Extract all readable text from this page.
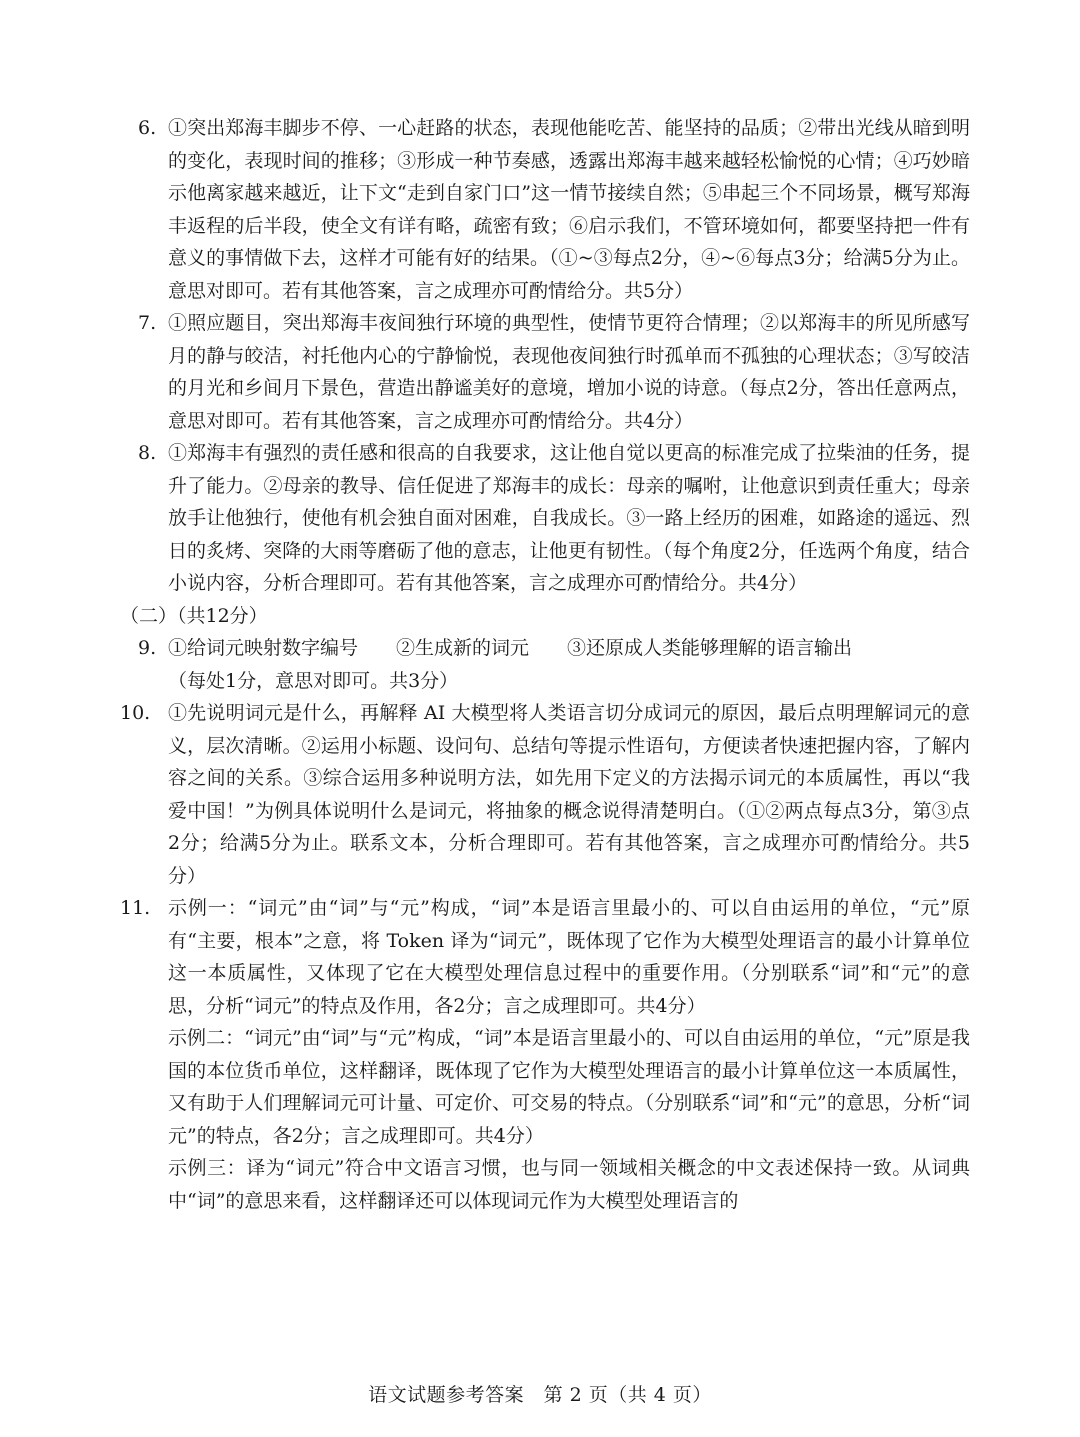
6. ①突出郑海丰脚步不停、一心赶路的状态，表现他能吃苦、能坚持的品质；②带出光线从暗到明的变化，表现时间的推移；③形成一种节奏感，透露出郑海丰越来越轻松愉悦的心情；④巧妙暗示他离家越来越近，让下文“走到自家门口”这一情节接续自然；⑤串起三个不同场景，概写郑海丰返程的后半段，使全文有详有略，疏密有致；⑥启示我们，不管环境如何，都要坚持把一件有意义的事情做下去，这样才可能有好的结果。（①~③每点2分，④~⑥每点3分；给满5分为止。意思对即可。若有其他答案，言之成理亦可酌情给分。共5分）

7. ①照应题目，突出郑海丰夜间独行环境的典型性，使情节更符合情理；②以郑海丰的所见所感写月的静与皎洁，衬托他内心的宁静愉悦，表现他夜间独行时孤单而不孤独的心理状态；③写皎洁的月光和乡间月下景色，营造出静谧美好的意境，增加小说的诗意。（每点2分，答出任意两点，意思对即可。若有其他答案，言之成理亦可酌情给分。共4分）

8. ①郑海丰有强烈的责任感和很高的自我要求，这让他自觉以更高的标准完成了拉柴油的任务，提升了能力。②母亲的教导、信任促进了郑海丰的成长：母亲的嘱咐，让他意识到责任重大；母亲放手让他独行，使他有机会独自面对困难，自我成长。③一路上经历的困难，如路途的遥远、烈日的炙烤、突降的大雨等磨砺了他的意志，让他更有韧性。（每个角度2分，任选两个角度，结合小说内容，分析合理即可。若有其他答案，言之成理亦可酌情给分。共4分）

（二）（共12分）

9. ①给词元映射数字编号　　②生成新的词元　　③还原成人类能够理解的语言输出

（每处1分，意思对即可。共3分）

10. ①先说明词元是什么，再解释 AI 大模型将人类语言切分成词元的原因，最后点明理解词元的意义，层次清晰。②运用小标题、设问句、总结句等提示性语句，方便读者快速把握内容，了解内容之间的关系。③综合运用多种说明方法，如先用下定义的方法揭示词元的本质属性，再以“我爱中国！”为例具体说明什么是词元，将抽象的概念说得清楚明白。（①②两点每点3分，第③点2分；给满5分为止。联系文本，分析合理即可。若有其他答案，言之成理亦可酌情给分。共5分）

11. 示例一：“词元”由“词”与“元”构成，“词”本是语言里最小的、可以自由运用的单位，“元”原有“主要，根本”之意，将 Token 译为“词元”，既体现了它作为大模型处理语言的最小计算单位这一本质属性，又体现了它在大模型处理信息过程中的重要作用。（分别联系“词”和“元”的意思，分析“词元”的特点及作用，各2分；言之成理即可。共4分）

示例二：“词元”由“词”与“元”构成，“词”本是语言里最小的、可以自由运用的单位，“元”原是我国的本位货币单位，这样翻译，既体现了它作为大模型处理语言的最小计算单位这一本质属性，又有助于人们理解词元可计量、可定价、可交易的特点。（分别联系“词”和“元”的意思，分析“词元”的特点，各2分；言之成理即可。共4分）

示例三：译为“词元”符合中文语言习惯，也与同一领域相关概念的中文表述保持一致。从词典中“词”的意思来看，这样翻译还可以体现词元作为大模型处理语言的

语文试题参考答案　第 2 页（共 4 页）
